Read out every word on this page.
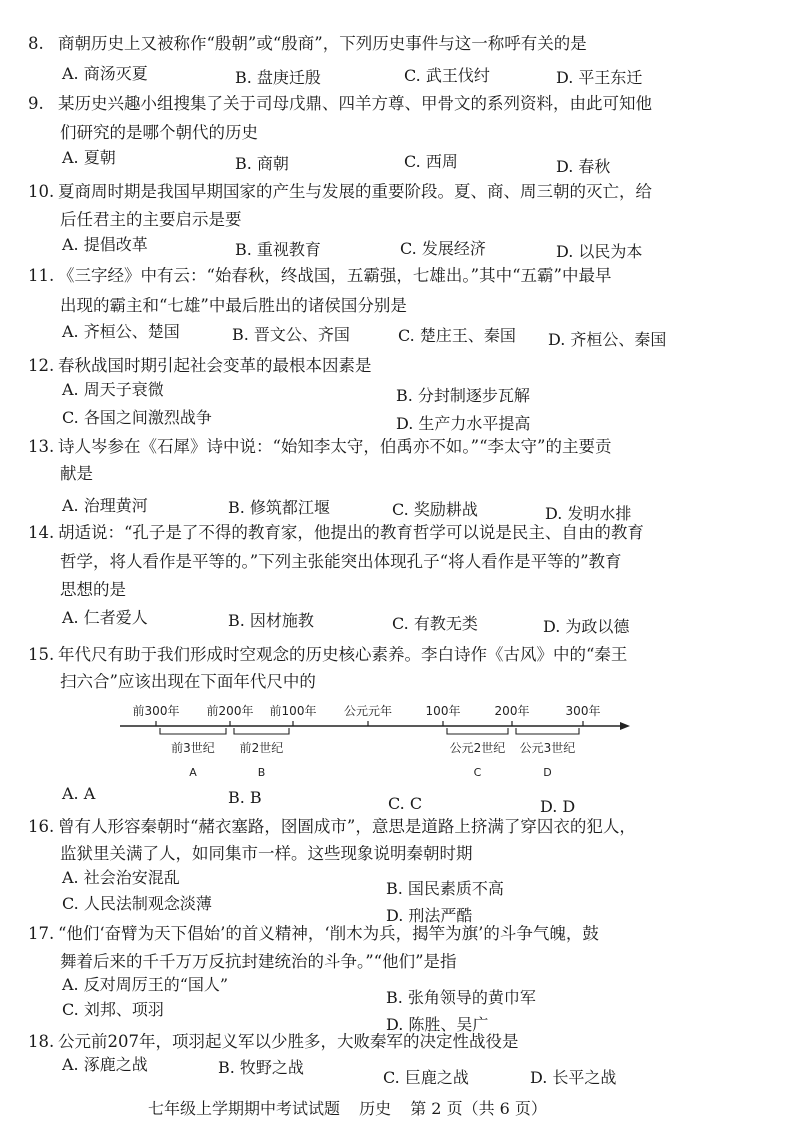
8. 商朝历史上又被称作“殷朝”或“殷商”，下列历史事件与这一称呼有关的是
A. 商汤灭夏	B. 盘庚迁殷	C. 武王伐纣	D. 平王东迁
9. 某历史兴趣小组搜集了关于司母戊鼎、四羊方尊、甲骨文的系列资料，由此可知他
们研究的是哪个朝代的历史
A. 夏朝	B. 商朝	C. 西周	D. 春秋
10. 夏商周时期是我国早期国家的产生与发展的重要阶段。夏、商、周三朝的灭亡，给
后任君主的主要启示是要
A. 提倡改革	B. 重视教育	C. 发展经济	D. 以民为本
11. 《三字经》中有云：“始春秋，终战国，五霸强，七雄出。”其中“五霸”中最早
出现的霸主和“七雄”中最后胜出的诸侯国分别是
A. 齐桓公、楚国	B. 晋文公、齐国	C. 楚庄王、秦国 D. 齐桓公、秦国
12. 春秋战国时期引起社会变革的最根本因素是
A. 周天子衰微	B. 分封制逐步瓦解
C. 各国之间激烈战争	D. 生产力水平提高
13. 诗人岑参在《石犀》诗中说：“始知李太守，伯禹亦不如。”“李太守”的主要贡
献是
A. 治理黄河	B. 修筑都江堰	C. 奖励耕战	D. 发明水排
14. 胡适说：“孔子是了不得的教育家，他提出的教育哲学可以说是民主、自由的教育
哲学，将人看作是平等的。”下列主张能突出体现孔子“将人看作是平等的”教育
思想的是
A. 仁者爱人	B. 因材施教	C. 有教无类	D. 为政以德
15. 年代尺有助于我们形成时空观念的历史核心素养。李白诗作《古风》中的“秦王
扫六合”应该出现在下面年代尺中的
前300年 前200年 前100年 公元元年	100年	200年	300年
前3世纪
A
前2世纪
B
公元2世纪
C
公元3世纪
D
A. A	B. B	C. C	D. D
16. 曾有人形容秦朝时“赭衣塞路，囹圄成市”，意思是道路上挤满了穿囚衣的犯人，
监狱里关满了人，如同集市一样。这些现象说明秦朝时期
A. 社会治安混乱
B. 国民素质不高
C. 人民法制观念淡薄
D. 刑法严酷
17. “他们‘奋臂为天下倡始’的首义精神，‘削木为兵，揭竿为旗’的斗争气魄，鼓
舞着后来的千千万万反抗封建统治的斗争。”“他们”是指
A. 反对周厉王的“国人”
B. 张角领导的黄巾军
C. 刘邦、项羽
D. 陈胜、吴广
18. 公元前207年，项羽起义军以少胜多，大败秦军的决定性战役是
A. 涿鹿之战	B. 牧野之战
C. 巨鹿之战	D. 长平之战
七年级上学期期中考试试题 历史 第 2 页（共 6 页）
